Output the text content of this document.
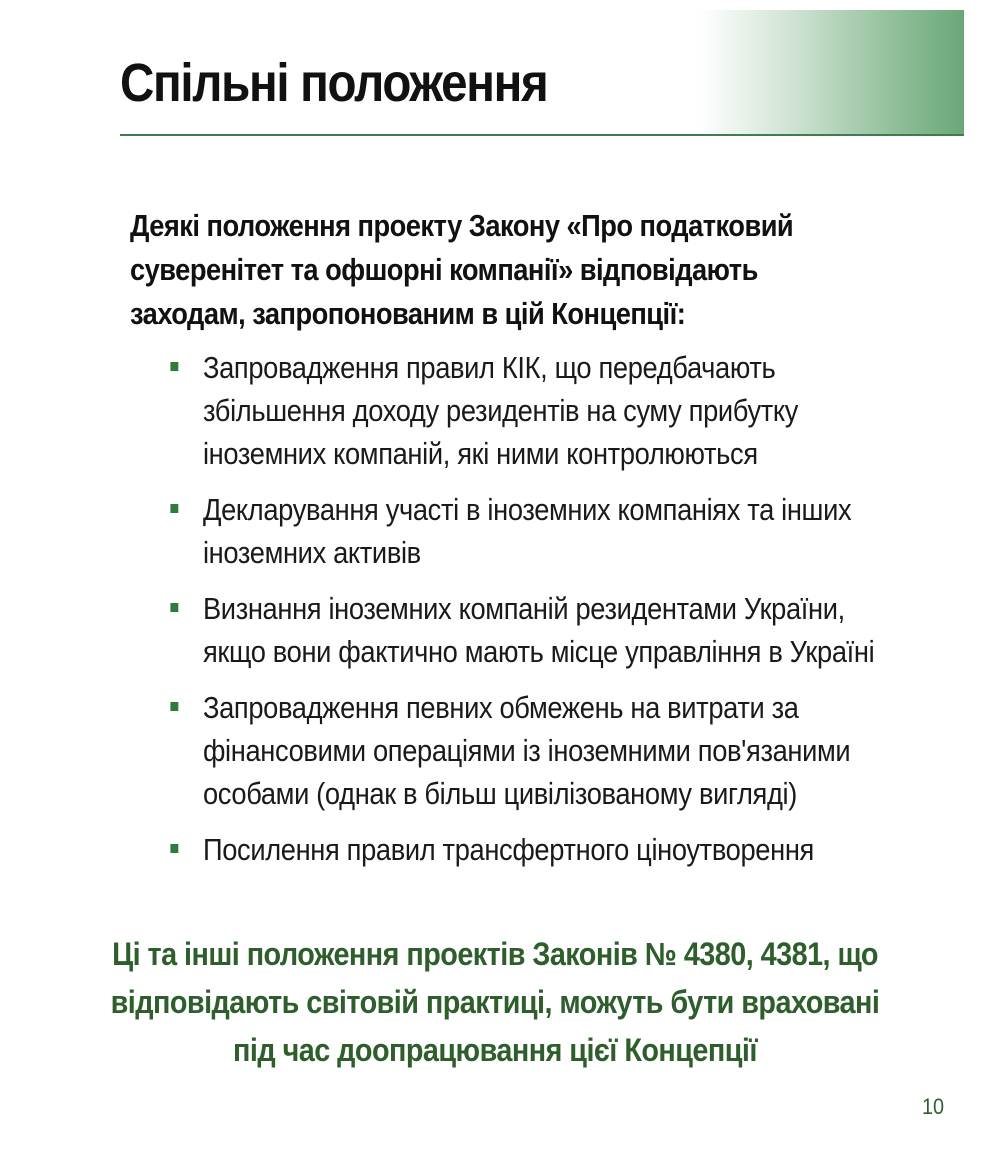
Спільні положення

Деякі положення проекту Закону «Про податковий суверенітет та офшорні компанії» відповідають заходам, запропонованим в цій Концепції:

Запровадження правил КІК, що передбачають збільшення доходу резидентів на суму прибутку іноземних компаній, які ними контролюються
Декларування участі в іноземних компаніях та інших іноземних активів
Визнання іноземних компаній резидентами України, якщо вони фактично мають місце управління в Україні
Запровадження певних обмежень на витрати за фінансовими операціями із іноземними пов'язаними особами (однак в більш цивілізованому вигляді)
Посилення правил трансфертного ціноутворення

Ці та інші положення проектів Законів № 4380, 4381, що відповідають світовій практиці, можуть бути враховані під час доопрацювання цієї Концепції

10
